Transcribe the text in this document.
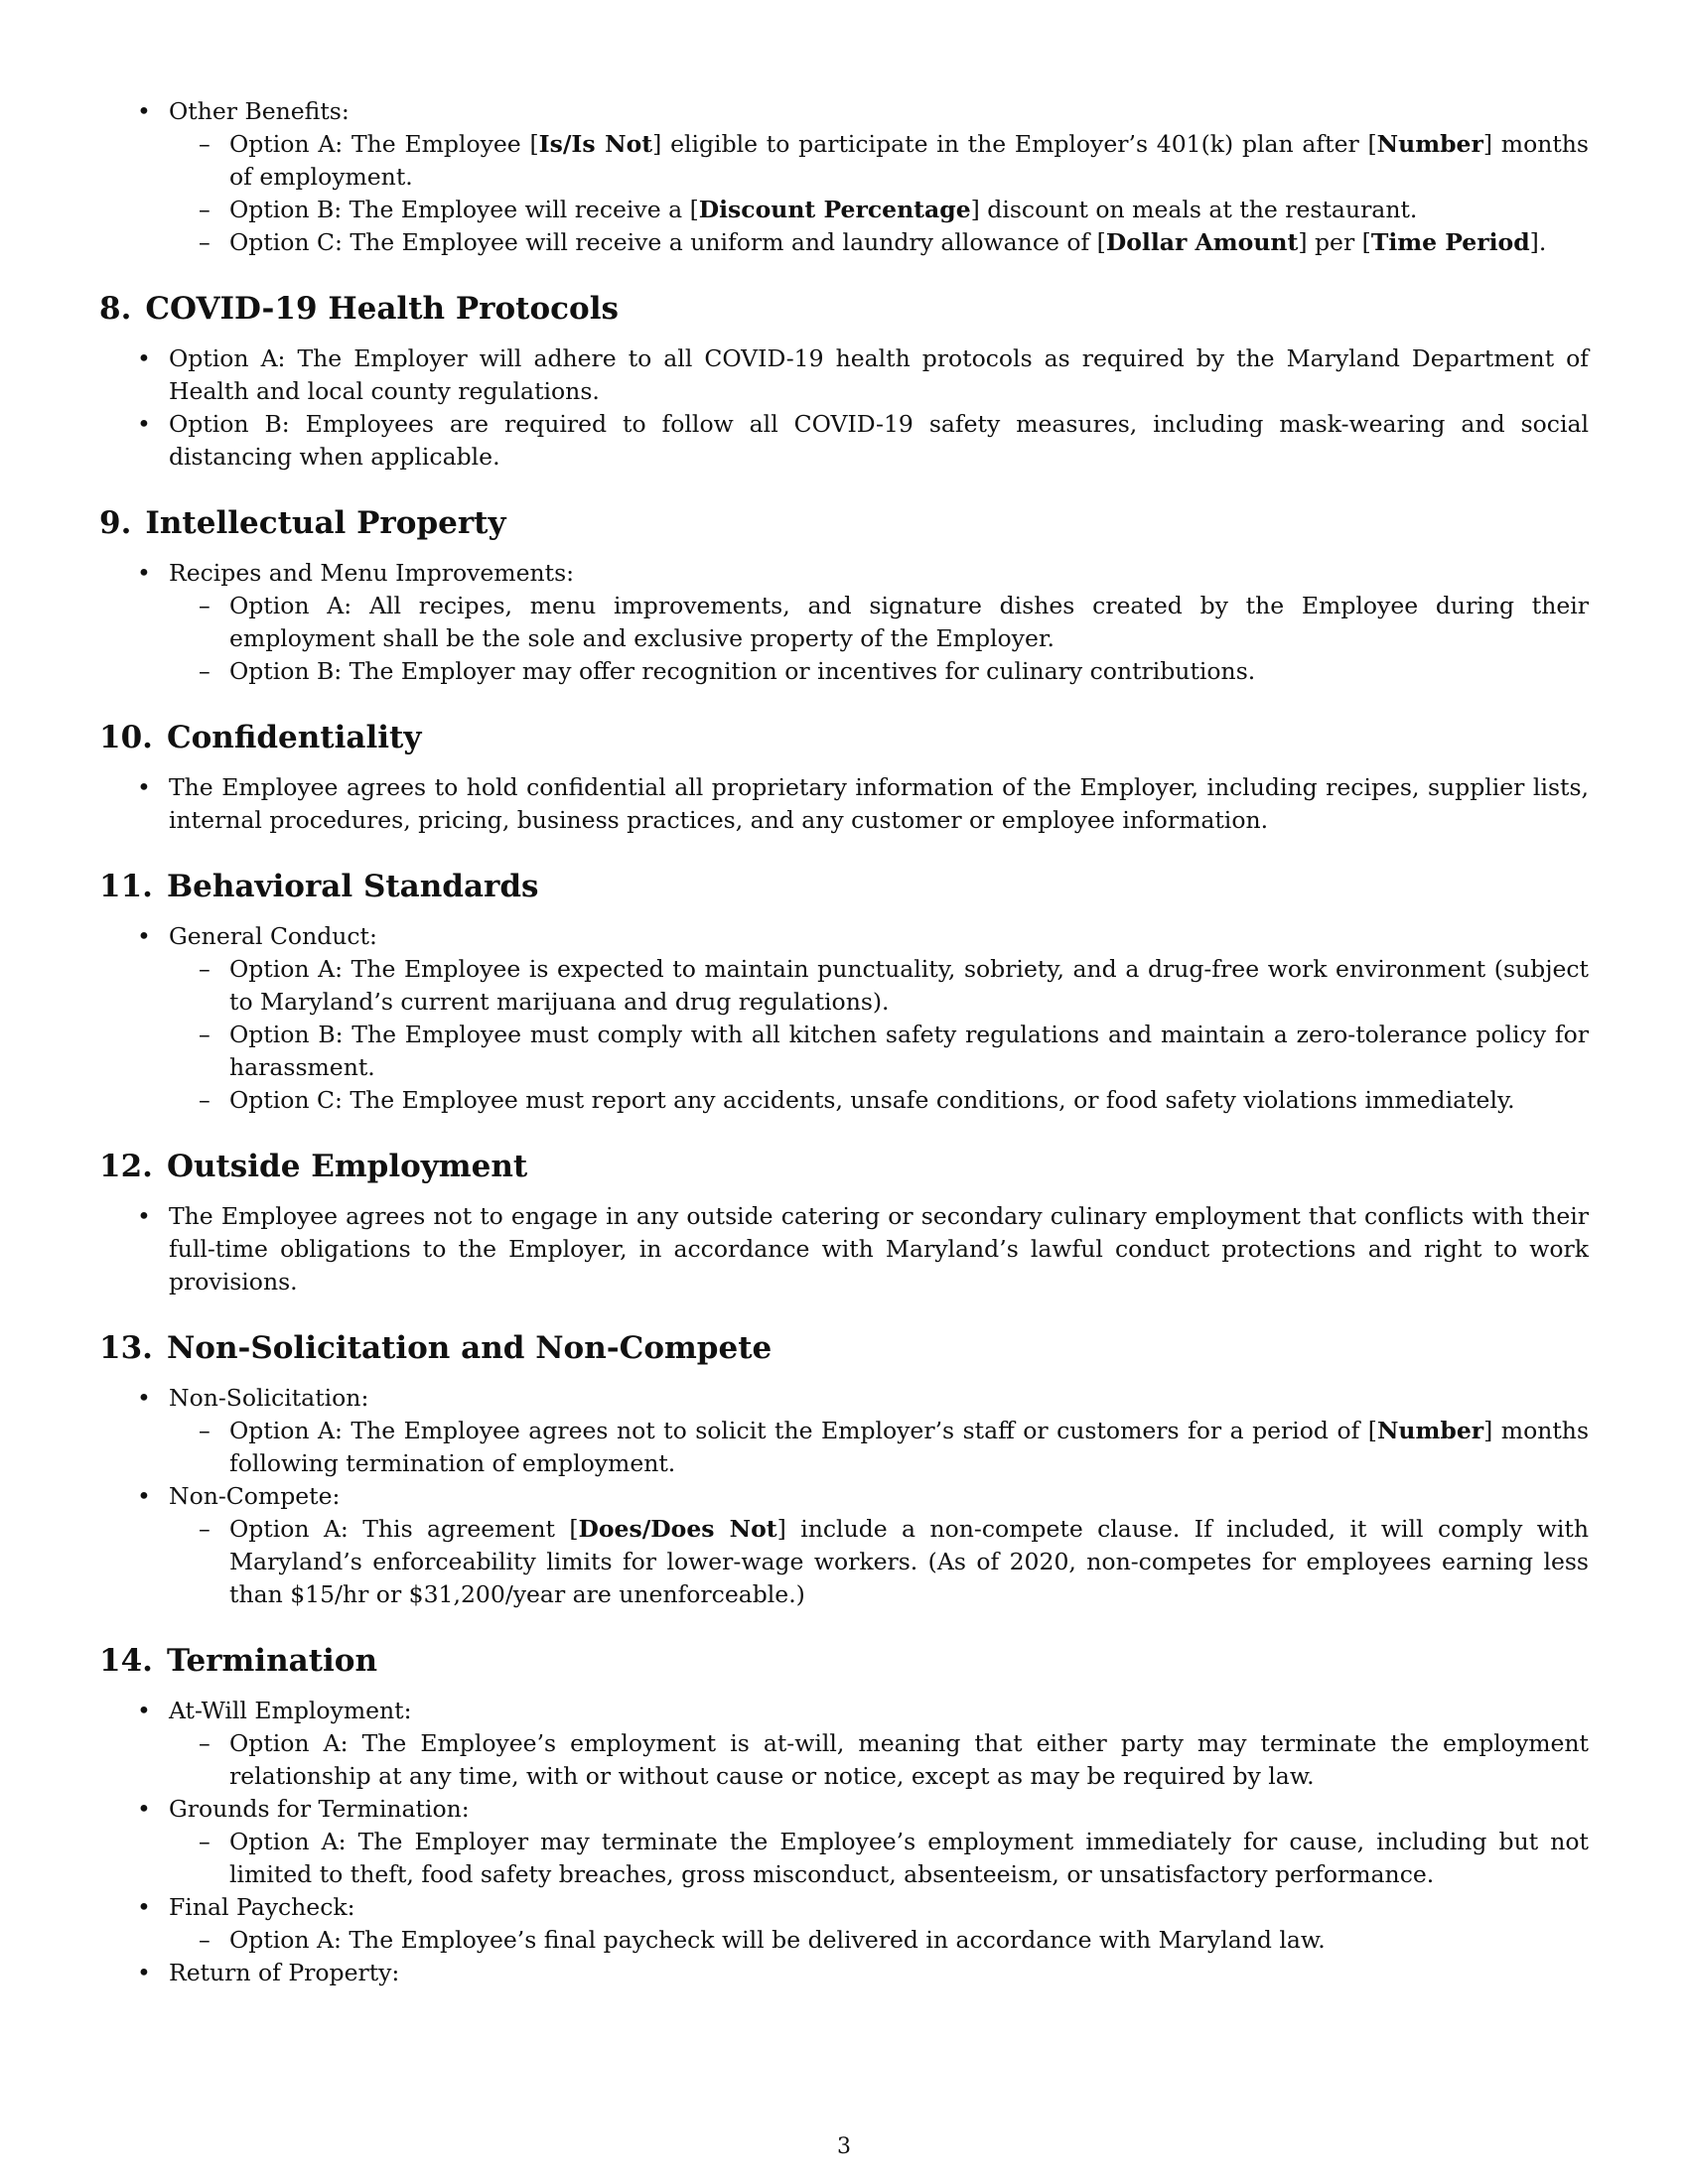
• Other Benefits:
– Option A: The Employee [Is/Is Not] eligible to participate in the Employer’s 401(k) plan after [Number] months of employment.
– Option B: The Employee will receive a [Discount Percentage] discount on meals at the restaurant.
– Option C: The Employee will receive a uniform and laundry allowance of [Dollar Amount] per [Time Period].
8. COVID-19 Health Protocols
• Option A: The Employer will adhere to all COVID-19 health protocols as required by the Maryland Department of Health and local county regulations.
• Option B: Employees are required to follow all COVID-19 safety measures, including mask-wearing and social distancing when applicable.
9. Intellectual Property
• Recipes and Menu Improvements:
– Option A: All recipes, menu improvements, and signature dishes created by the Employee during their employment shall be the sole and exclusive property of the Employer.
– Option B: The Employer may offer recognition or incentives for culinary contributions.
10. Confidentiality
• The Employee agrees to hold confidential all proprietary information of the Employer, including recipes, supplier lists, internal procedures, pricing, business practices, and any customer or employee information.
11. Behavioral Standards
• General Conduct:
– Option A: The Employee is expected to maintain punctuality, sobriety, and a drug-free work environment (subject to Maryland’s current marijuana and drug regulations).
– Option B: The Employee must comply with all kitchen safety regulations and maintain a zero-tolerance policy for harassment.
– Option C: The Employee must report any accidents, unsafe conditions, or food safety violations immediately.
12. Outside Employment
• The Employee agrees not to engage in any outside catering or secondary culinary employment that conflicts with their full-time obligations to the Employer, in accordance with Maryland’s lawful conduct protections and right to work provisions.
13. Non-Solicitation and Non-Compete
• Non-Solicitation:
– Option A: The Employee agrees not to solicit the Employer’s staff or customers for a period of [Number] months following termination of employment.
• Non-Compete:
– Option A: This agreement [Does/Does Not] include a non-compete clause. If included, it will comply with Maryland’s enforceability limits for lower-wage workers. (As of 2020, non-competes for employees earning less than $15/hr or $31,200/year are unenforceable.)
14. Termination
• At-Will Employment:
– Option A: The Employee’s employment is at-will, meaning that either party may terminate the employment relationship at any time, with or without cause or notice, except as may be required by law.
• Grounds for Termination:
– Option A: The Employer may terminate the Employee’s employment immediately for cause, including but not limited to theft, food safety breaches, gross misconduct, absenteeism, or unsatisfactory performance.
• Final Paycheck:
– Option A: The Employee’s final paycheck will be delivered in accordance with Maryland law.
• Return of Property:
3
